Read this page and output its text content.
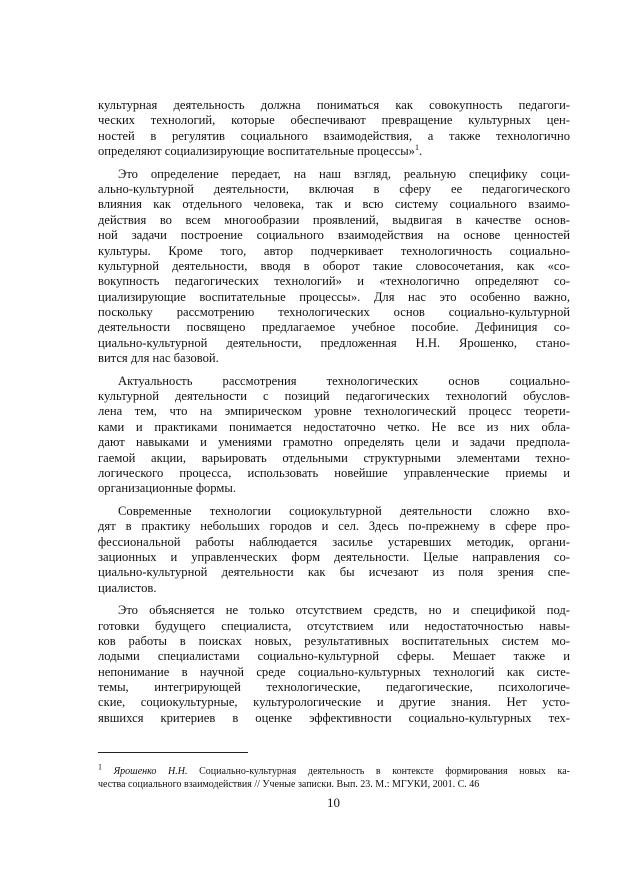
культурная деятельность должна пониматься как совокупность педагоги-
ческих технологий, которые обеспечивают превращение культурных цен-
ностей в регулятив социального взаимодействия, а также технологично
определяют социализирующие воспитательные процессы»$^1$.
Это определение передает, на наш взгляд, реальную специфику соци-
ально-культурной деятельности, включая в сферу ее педагогического
влияния как отдельного человека, так и всю систему социального взаимо-
действия во всем многообразии проявлений, выдвигая в качестве основ-
ной задачи построение социального взаимодействия на основе ценностей
культуры. Кроме того, автор подчеркивает технологичность социально-
культурной деятельности, вводя в оборот такие словосочетания, как «со-
вокупность педагогических технологий» и «технологично определяют со-
циализирующие воспитательные процессы». Для нас это особенно важно,
поскольку рассмотрению технологических основ социально-культурной
деятельности посвящено предлагаемое учебное пособие. Дефиниция со-
циально-культурной деятельности, предложенная Н.Н. Ярошенко, стано-
вится для нас базовой.
Актуальность рассмотрения технологических основ социально-
культурной деятельности с позиций педагогических технологий обуслов-
лена тем, что на эмпирическом уровне технологический процесс теорети-
ками и практиками понимается недостаточно четко. Не все из них обла-
дают навыками и умениями грамотно определять цели и задачи предпола-
гаемой акции, варьировать отдельными структурными элементами техно-
логического процесса, использовать новейшие управленческие приемы и
организационные формы.
Современные технологии социокультурной деятельности сложно вхо-
дят в практику небольших городов и сел. Здесь по-прежнему в сфере про-
фессиональной работы наблюдается засилье устаревших методик, органи-
зационных и управленческих форм деятельности. Целые направления со-
циально-культурной деятельности как бы исчезают из поля зрения спе-
циалистов.
Это объясняется не только отсутствием средств, но и спецификой под-
готовки будущего специалиста, отсутствием или недостаточностью навы-
ков работы в поисках новых, результативных воспитательных систем мо-
лодыми специалистами социально-культурной сферы. Мешает также и
непонимание в научной среде социально-культурных технологий как систе-
темы, интегрирующей технологические, педагогические, психологиче-
ские, социокультурные, культурологические и другие знания. Нет усто-
явшихся критериев в оценке эффективности социально-культурных тех-
$^1$ Ярошенко Н.Н. Социально-культурная деятельность в контексте формирования новых ка-
чества социального взаимодействия // Ученые записки. Вып. 23. М.: МГУКИ, 2001. С. 46
10
